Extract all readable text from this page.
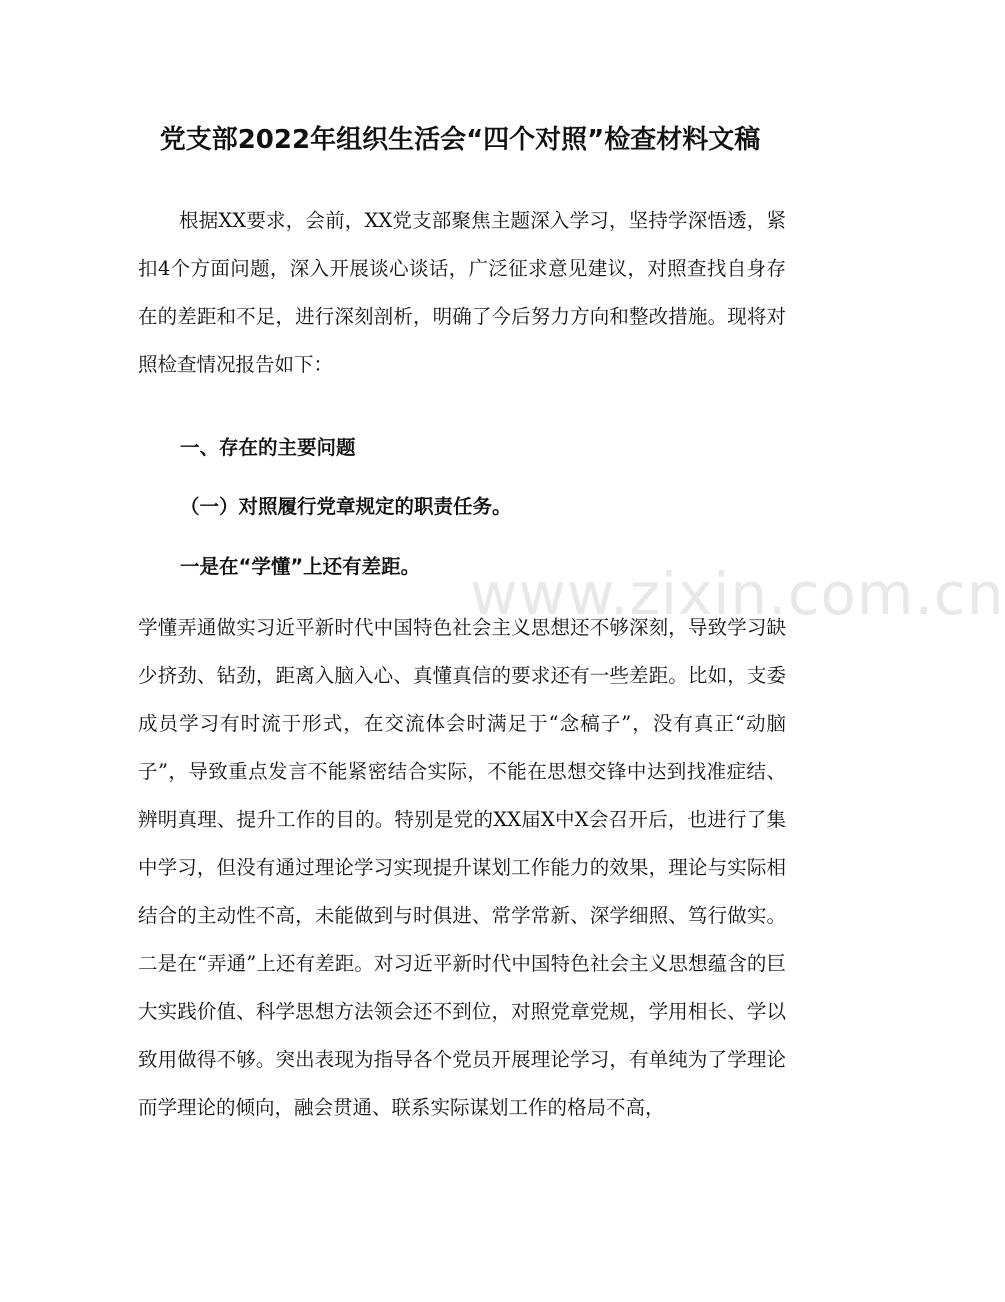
党支部2022年组织生活会“四个对照”检查材料文稿
根据XX要求，会前，XX党支部聚焦主题深入学习，坚持学深悟透，紧扣4个方面问题，深入开展谈心谈话，广泛征求意见建议，对照查找自身存在的差距和不足，进行深刻剖析，明确了今后努力方向和整改措施。现将对照检查情况报告如下：
一、存在的主要问题
（一）对照履行党章规定的职责任务。
一是在“学懂”上还有差距。
学懂弄通做实习近平新时代中国特色社会主义思想还不够深刻，导致学习缺少挤劲、钻劲，距离入脑入心、真懂真信的要求还有一些差距。比如，支委成员学习有时流于形式，在交流体会时满足于“念稿子”，没有真正“动脑子”，导致重点发言不能紧密结合实际，不能在思想交锋中达到找准症结、辨明真理、提升工作的目的。特别是党的XX届X中X会召开后，也进行了集中学习，但没有通过理论学习实现提升谋划工作能力的效果，理论与实际相结合的主动性不高，未能做到与时俱进、常学常新、深学细照、笃行做实。二是在“弄通”上还有差距。对习近平新时代中国特色社会主义思想蕴含的巨大实践价值、科学思想方法领会还不到位，对照党章党规，学用相长、学以致用做得不够。突出表现为指导各个党员开展理论学习，有单纯为了学理论而学理论的倾向，融会贯通、联系实际谋划工作的格局不高，
www.zixin.com.cn
